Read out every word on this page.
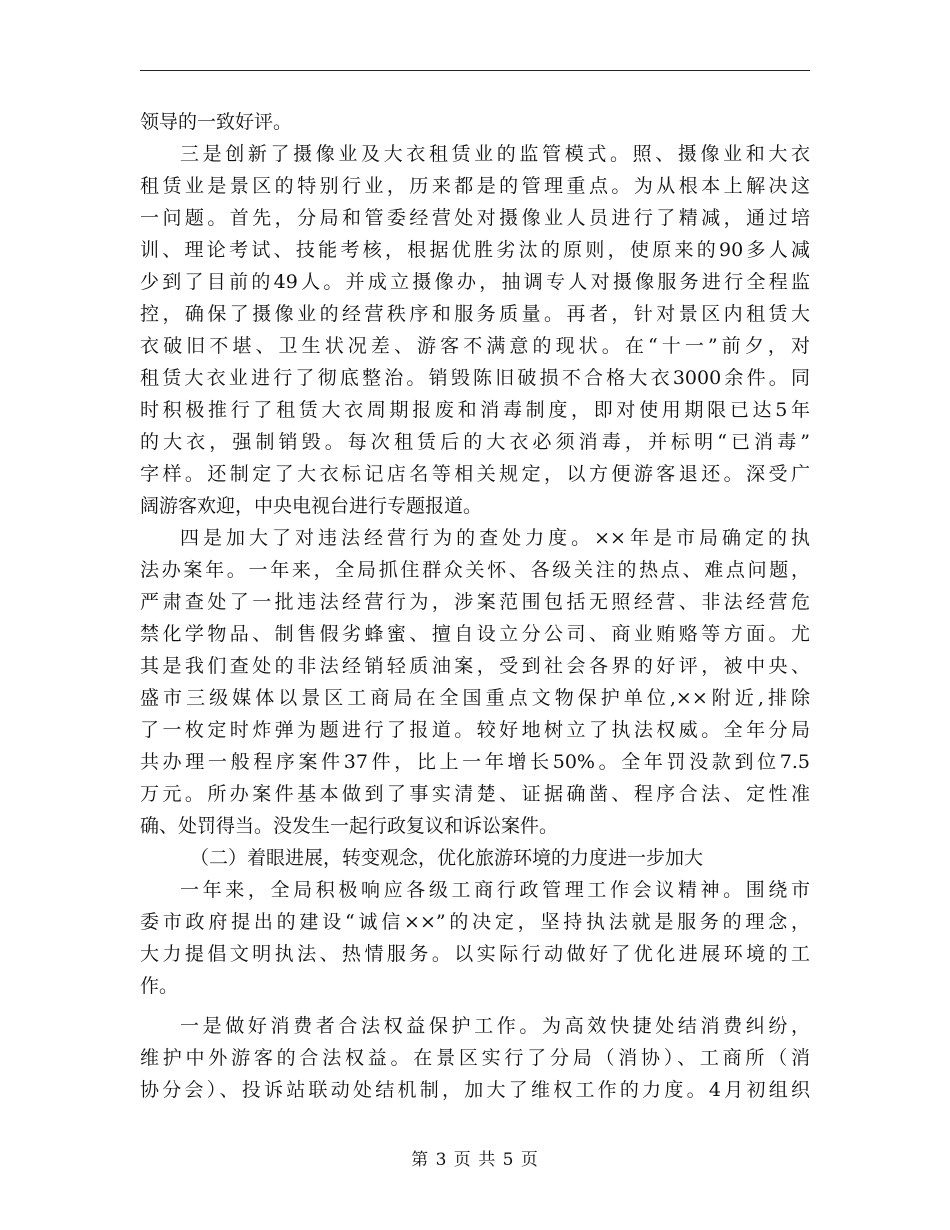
领导的一致好评。
三是创新了摄像业及大衣租赁业的监管模式。照、摄像业和大衣
租赁业是景区的特别行业，历来都是的管理重点。为从根本上解决这
一问题。首先，分局和管委经营处对摄像业人员进行了精减，通过培
训、理论考试、技能考核，根据优胜劣汰的原则，使原来的90多人减
少到了目前的49人。并成立摄像办，抽调专人对摄像服务进行全程监
控，确保了摄像业的经营秩序和服务质量。再者，针对景区内租赁大
衣破旧不堪、卫生状况差、游客不满意的现状。在“十一”前夕，对
租赁大衣业进行了彻底整治。销毁陈旧破损不合格大衣3000余件。同
时积极推行了租赁大衣周期报废和消毒制度，即对使用期限已达5年
的大衣，强制销毁。每次租赁后的大衣必须消毒，并标明“已消毒”
字样。还制定了大衣标记店名等相关规定，以方便游客退还。深受广
阔游客欢迎，中央电视台进行专题报道。
四是加大了对违法经营行为的查处力度。××年是市局确定的执
法办案年。一年来，全局抓住群众关怀、各级关注的热点、难点问题，
严肃查处了一批违法经营行为，涉案范围包括无照经营、非法经营危
禁化学物品、制售假劣蜂蜜、擅自设立分公司、商业贿赂等方面。尤
其是我们查处的非法经销轻质油案，受到社会各界的好评，被中央、
盛市三级媒体以景区工商局在全国重点文物保护单位,××附近,排除
了一枚定时炸弹为题进行了报道。较好地树立了执法权威。全年分局
共办理一般程序案件37件，比上一年增长50%。全年罚没款到位7.5
万元。所办案件基本做到了事实清楚、证据确凿、程序合法、定性准
确、处罚得当。没发生一起行政复议和诉讼案件。
（二）着眼进展，转变观念，优化旅游环境的力度进一步加大
一年来，全局积极响应各级工商行政管理工作会议精神。围绕市
委市政府提出的建设“诚信××”的决定，坚持执法就是服务的理念，
大力提倡文明执法、热情服务。以实际行动做好了优化进展环境的工
作。
一是做好消费者合法权益保护工作。为高效快捷处结消费纠纷，
维护中外游客的合法权益。在景区实行了分局（消协）、工商所（消
协分会）、投诉站联动处结机制，加大了维权工作的力度。4月初组织
第 3 页 共 5 页
